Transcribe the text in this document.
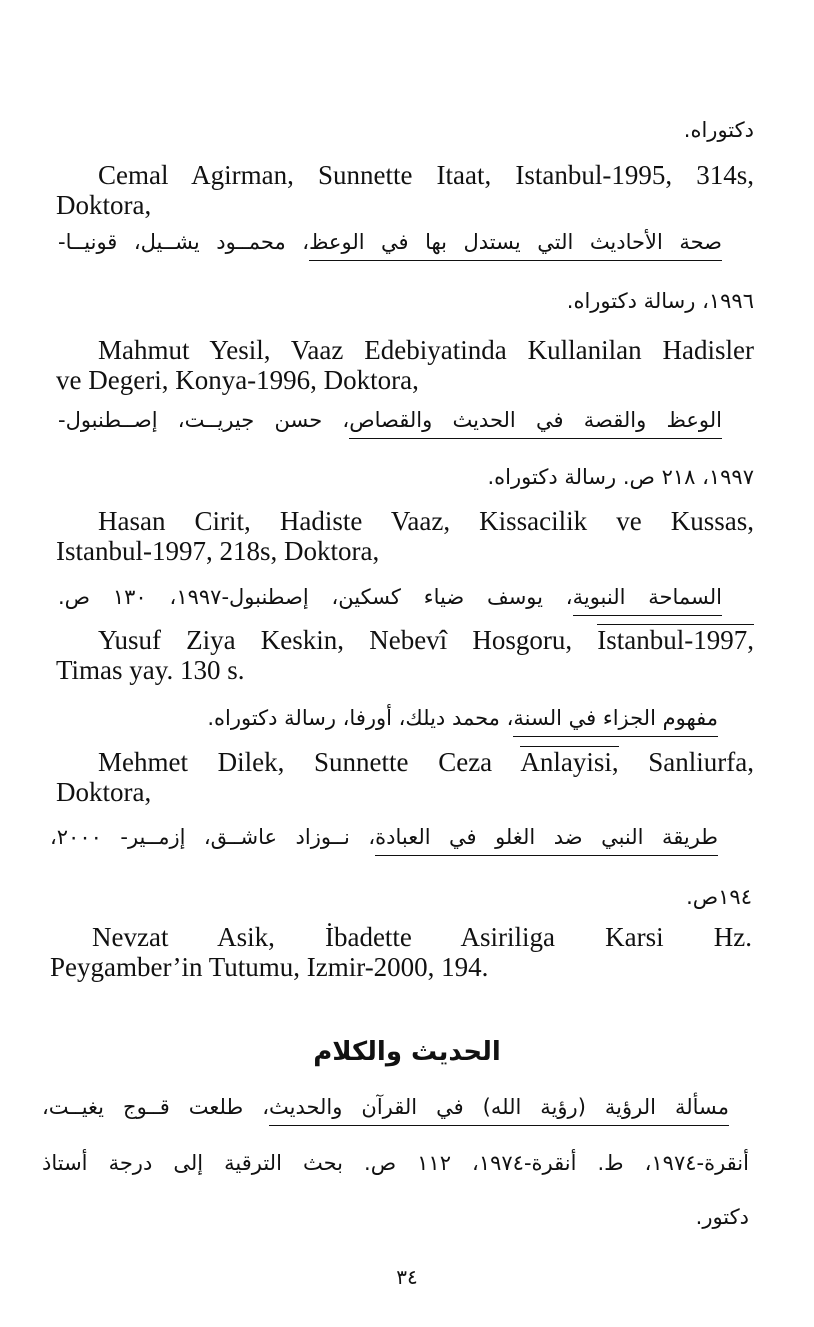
دكتوراه.
Cemal Agirman, Sunnette Itaat, Istanbul-1995, 314s,
Doktora,
صحة الأحاديث التي يستدل بها في الوعظ، محمــود يشــيل، قونيــا-
١٩٩٦، رسالة دكتوراه.
Mahmut Yesil, Vaaz Edebiyatinda Kullanilan Hadisler
ve Degeri, Konya-1996, Doktora,
الوعظ والقصة في الحديث والقصاص، حسن جيريــت، إصــطنبول-
١٩٩٧، ٢١٨ ص. رسالة دكتوراه.
Hasan Cirit, Hadiste Vaaz, Kissacilik ve Kussas,
Istanbul-1997, 218s, Doktora,
السماحة النبوية، يوسف ضياء كسكين، إصطنبول-١٩٩٧، ١٣٠ ص.
Yusuf Ziya Keskin, Nebevî Hosgoru, Istanbul-1997,
Timas yay. 130 s.
مفهوم الجزاء في السنة، محمد ديلك، أورفا، رسالة دكتوراه.
Mehmet Dilek, Sunnette Ceza Anlayisi, Sanliurfa,
Doktora,
طريقة النبي ضد الغلو في العبادة، نــوزاد عاشــق، إزمــير- ٢٠٠٠،
١٩٤ص.
Nevzat Asik, İbadette Asiriliga Karsi Hz.
Peygamber’in Tutumu, Izmir-2000, 194.
الحديث والكلام
مسألة الرؤية (رؤية الله) في القرآن والحديث، طلعت قــوج يغيــت،
أنقرة-١٩٧٤، ط. أنقرة-١٩٧٤، ١١٢ ص. بحث الترقية إلى درجة أستاذ
دكتور.
٣٤
